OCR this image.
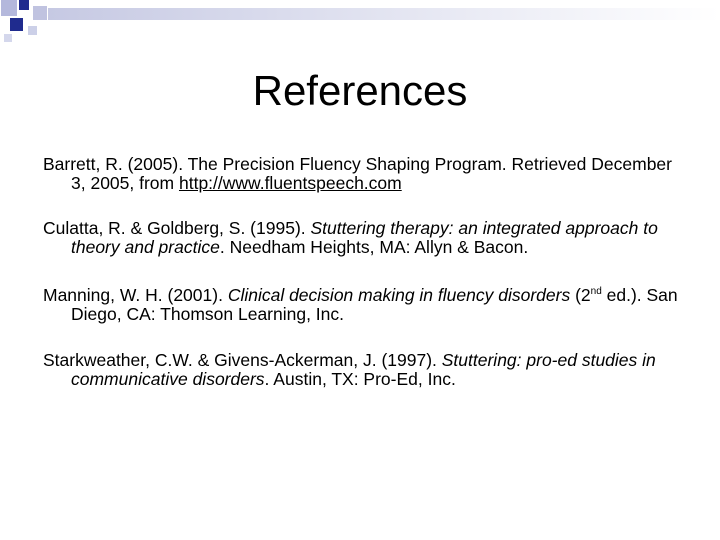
References

Barrett, R. (2005). The Precision Fluency Shaping Program. Retrieved December 3, 2005, from http://www.fluentspeech.com

Culatta, R. & Goldberg, S. (1995). Stuttering therapy: an integrated approach to theory and practice. Needham Heights, MA: Allyn & Bacon.

Manning, W. H. (2001). Clinical decision making in fluency disorders (2nd ed.). San Diego, CA: Thomson Learning, Inc.

Starkweather, C.W. & Givens-Ackerman, J. (1997). Stuttering: pro-ed studies in communicative disorders. Austin, TX: Pro-Ed, Inc.
